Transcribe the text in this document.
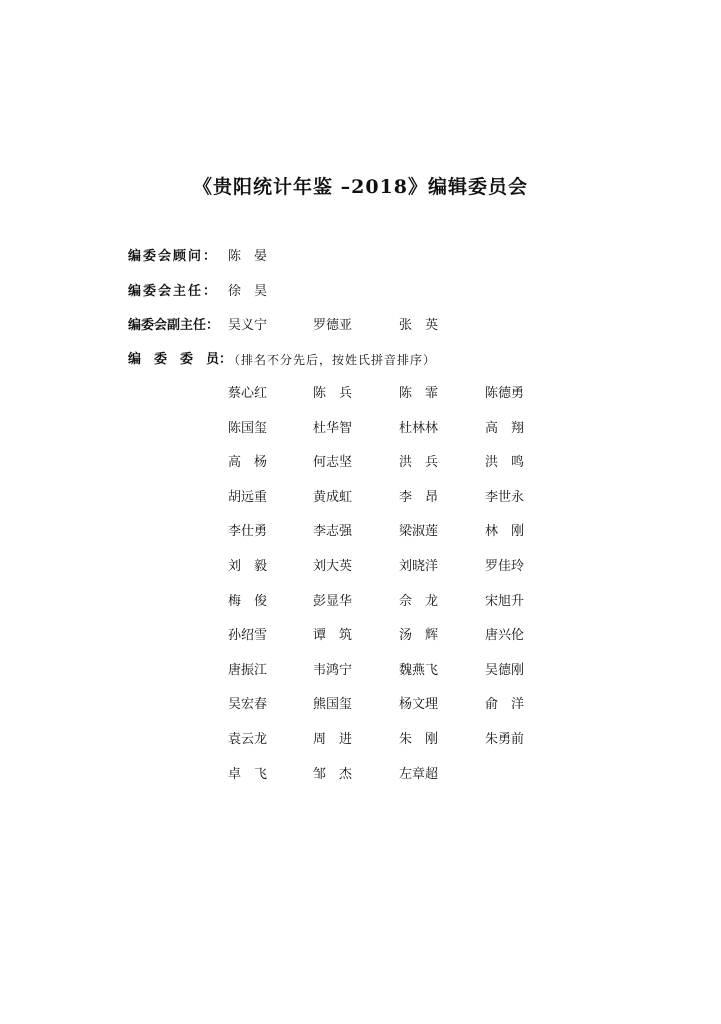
《贵阳统计年鉴 –2018》编辑委员会
编委会顾问： 陈　晏
编委会主任： 徐　昊
编委会副主任： 吴义宁	罗德亚	张　英
编　委　委　员：
（排名不分先后，按姓氏拼音排序）
蔡心红	陈　兵	陈　霏	陈德勇
陈国玺	杜华智	杜林林	高　翔
高　杨	何志坚	洪　兵	洪　鸣
胡远重	黄成虹	李　昂	李世永
李仕勇	李志强	梁淑莲	林　刚
刘　毅	刘大英	刘晓洋	罗佳玲
梅　俊	彭显华	佘　龙	宋旭升
孙绍雪	谭　筑	汤　辉	唐兴伦
唐振江	韦鸿宁	魏燕飞	吴德刚
吴宏春	熊国玺	杨文理	俞　洋
袁云龙	周　进	朱　刚	朱勇前
卓　飞	邹　杰	左章超
